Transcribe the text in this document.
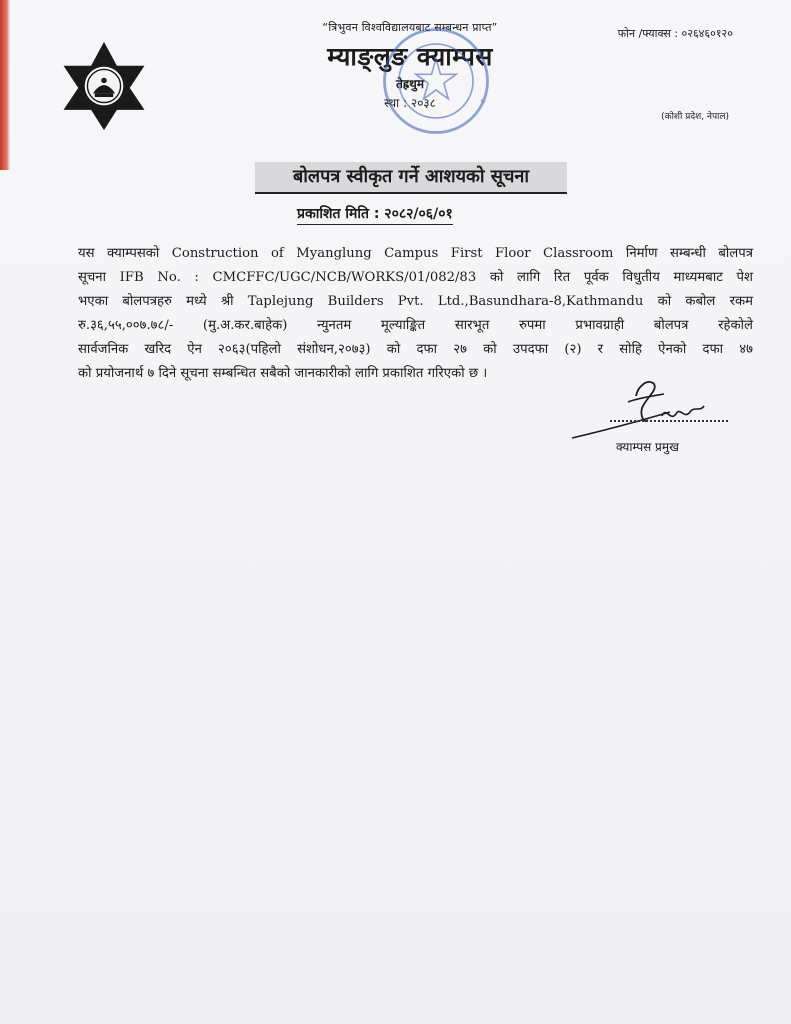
“त्रिभुवन विश्वविद्यालयबाट सम्बन्धन प्राप्त”
म्याङ्लुङ क्याम्पस
तेह्रथुम
स्था : २०३८
फोन /फ्याक्स : ०२६४६०१२०
(कोशी प्रदेश, नेपाल)
बोलपत्र स्वीकृत गर्ने आशयको सूचना
प्रकाशित मिति : २०८२/०६/०१
यस क्याम्पसको Construction of Myanglung Campus First Floor Classroom निर्माण सम्बन्धी बोलपत्र
सूचना IFB No. : CMCFFC/UGC/NCB/WORKS/01/082/83 को लागि रित पूर्वक विधुतीय माध्यमबाट पेश
भएका बोलपत्रहरु मध्ये श्री Taplejung Builders Pvt. Ltd.,Basundhara-8,Kathmandu को कबोल रकम
रु.३६,५५,००७.७८/- (मु.अ.कर.बाहेक) न्युनतम मूल्याङ्कित सारभूत रुपमा प्रभावग्राही बोलपत्र रहेकोले
सार्वजनिक खरिद ऐन २०६३(पहिलो संशोधन,२०७३) को दफा २७ को उपदफा (२) र सोहि ऐनको दफा ४७
को प्रयोजनार्थ ७ दिने सूचना सम्बन्धित सबैको जानकारीको लागि प्रकाशित गरिएको छ ।
क्याम्पस प्रमुख
